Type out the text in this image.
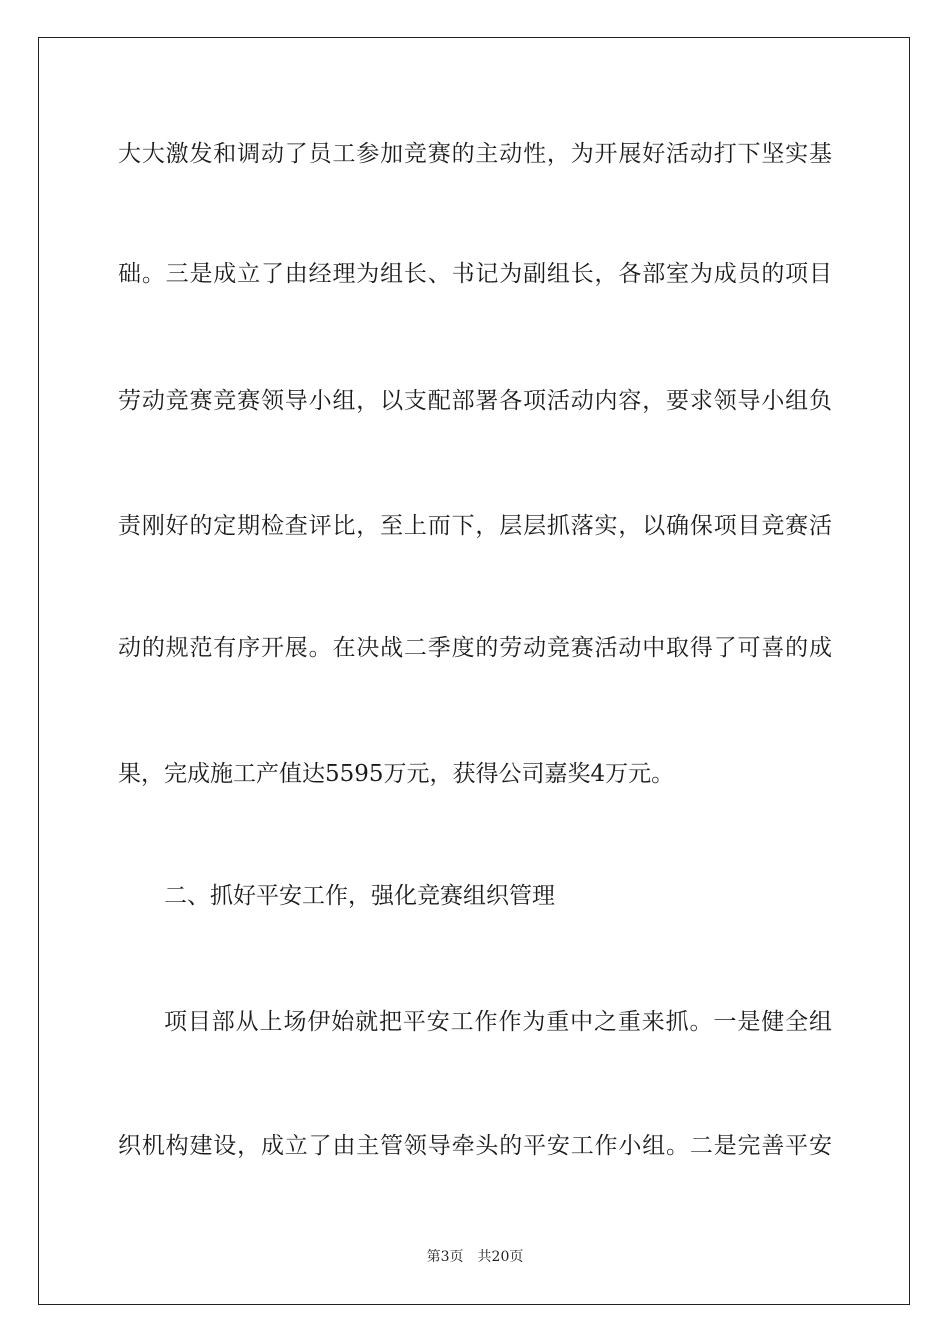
大大激发和调动了员工参加竞赛的主动性，为开展好活动打下坚实基
础。三是成立了由经理为组长、书记为副组长，各部室为成员的项目
劳动竞赛竞赛领导小组，以支配部署各项活动内容，要求领导小组负
责刚好的定期检查评比，至上而下，层层抓落实，以确保项目竞赛活
动的规范有序开展。在决战二季度的劳动竞赛活动中取得了可喜的成
果，完成施工产值达5595万元，获得公司嘉奖4万元。
二、抓好平安工作，强化竞赛组织管理
项目部从上场伊始就把平安工作作为重中之重来抓。一是健全组
织机构建设，成立了由主管领导牵头的平安工作小组。二是完善平安
第3页 共20页
